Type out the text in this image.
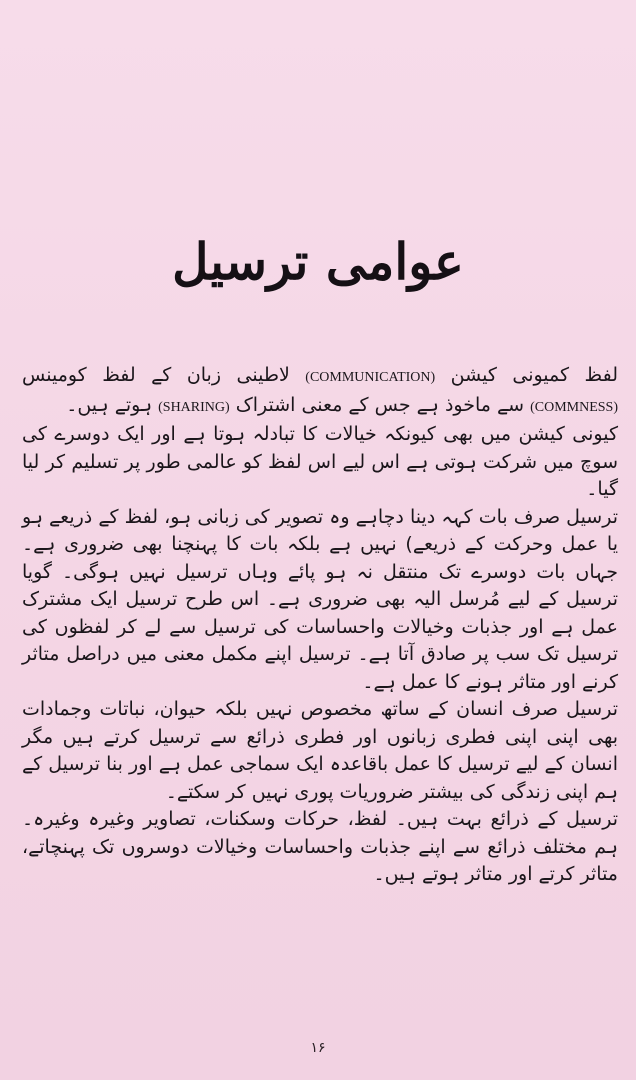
عوامی ترسیل

لفظ کمیونی کیشن (COMMUNICATION) لاطینی زبان کے لفظ کومینس (COMMNESS) سے ماخوذ ہے جس کے معنی اشتراک (SHARING) ہوتے ہیں۔

کیونی کیشن میں بھی کیونکہ خیالات کا تبادلہ ہوتا ہے اور ایک دوسرے کی سوچ میں شرکت ہوتی ہے اس لیے اس لفظ کو عالمی طور پر تسلیم کر لیا گیا۔

ترسیل صرف بات کہہ دینا دچاہے وہ تصویر کی زبانی ہو، لفظ کے ذریعے ہو یا عمل وحرکت کے ذریعے) نہیں ہے بلکہ بات کا پہنچنا بھی ضروری ہے۔ جہاں بات دوسرے تک منتقل نہ ہو پائے وہاں ترسیل نہیں ہوگی۔ گویا ترسیل کے لیے مُرسل الیہ بھی ضروری ہے۔ اس طرح ترسیل ایک مشترک عمل ہے اور جذبات وخیالات واحساسات کی ترسیل سے لے کر لفظوں کی ترسیل تک سب پر صادق آتا ہے۔ ترسیل اپنے مکمل معنی میں دراصل متاثر کرنے اور متاثر ہونے کا عمل ہے۔

ترسیل صرف انسان کے ساتھ مخصوص نہیں بلکہ حیوان، نباتات وجمادات بھی اپنی اپنی فطری زبانوں اور فطری ذرائع سے ترسیل کرتے ہیں مگر انسان کے لیے ترسیل کا عمل باقاعدہ ایک سماجی عمل ہے اور بنا ترسیل کے ہم اپنی زندگی کی بیشتر ضروریات پوری نہیں کر سکتے۔

ترسیل کے ذرائع بہت ہیں۔ لفظ، حرکات وسکنات، تصاویر وغیرہ وغیرہ۔ ہم مختلف ذرائع سے اپنے جذبات واحساسات وخیالات دوسروں تک پہنچاتے، متاثر کرتے اور متاثر ہوتے ہیں۔

۱۶
